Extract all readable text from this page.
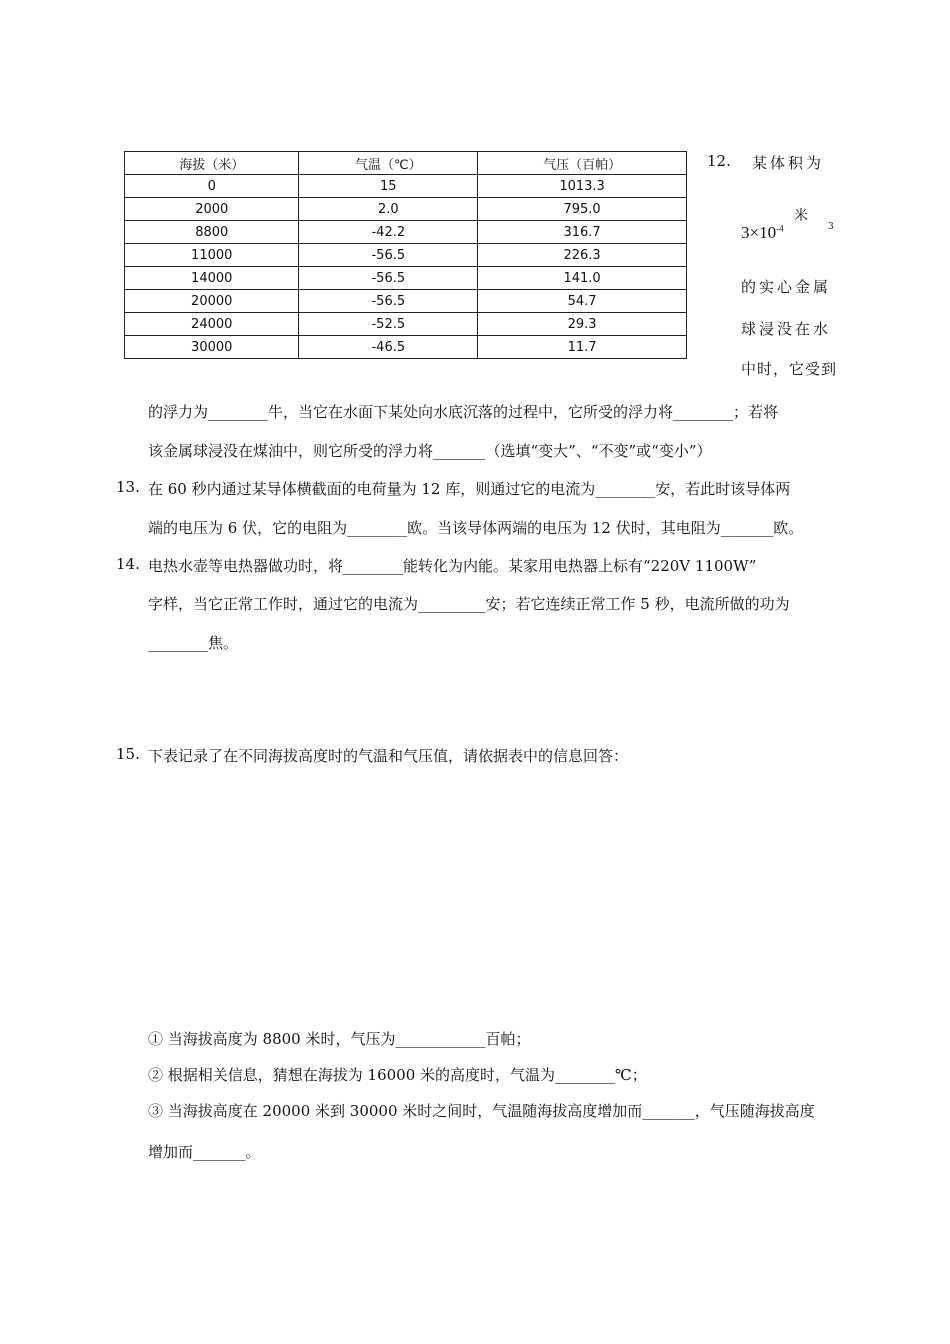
海拔（米）	气温（℃）	气压（百帕）
0	15	1013.3
2000	2.0	795.0
8800	-42.2	316.7
11000	-56.5	226.3
14000	-56.5	141.0
20000	-56.5	54.7
24000	-52.5	29.3
30000	-46.5	11.7
12. 某体积为
米
3
$3\times 10^{-4}$
的实心金属
球浸没在水
中时，它受到
的浮力为________牛，当它在水面下某处向水底沉落的过程中，它所受的浮力将________；若将
该金属球浸没在煤油中，则它所受的浮力将_______（选填“变大”、“不变”或“变小”）
13. 在 60 秒内通过某导体横截面的电荷量为 12 库，则通过它的电流为________安，若此时该导体两
端的电压为 6 伏，它的电阻为________欧。当该导体两端的电压为 12 伏时，其电阻为_______欧。
14. 电热水壶等电热器做功时，将________能转化为内能。某家用电热器上标有“220V 1100W”
字样，当它正常工作时，通过它的电流为_________安；若它连续正常工作 5 秒，电流所做的功为
________焦。
15. 下表记录了在不同海拔高度时的气温和气压值，请依据表中的信息回答：
① 当海拔高度为 8800 米时，气压为____________百帕；
② 根据相关信息，猜想在海拔为 16000 米的高度时，气温为________℃；
③ 当海拔高度在 20000 米到 30000 米时之间时，气温随海拔高度增加而_______，气压随海拔高度
增加而_______。
